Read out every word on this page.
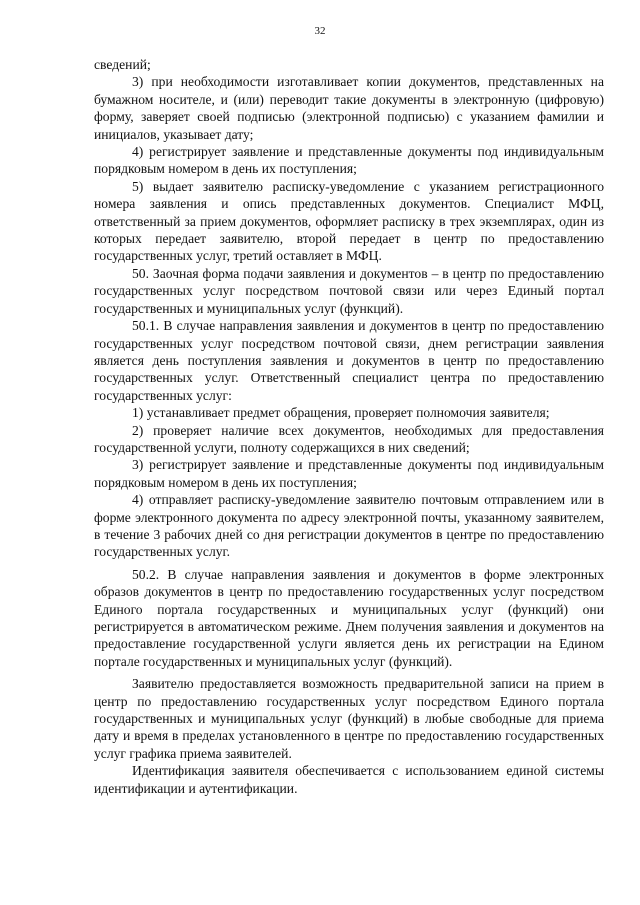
32

сведений;

3) при необходимости изготавливает копии документов, представленных на бумажном носителе, и (или) переводит такие документы в электронную (цифровую) форму, заверяет своей подписью (электронной подписью) с указанием фамилии и инициалов, указывает дату;

4) регистрирует заявление и представленные документы под индивидуальным порядковым номером в день их поступления;

5) выдает заявителю расписку-уведомление с указанием регистрационного номера заявления и опись представленных документов. Специалист МФЦ, ответственный за прием документов, оформляет расписку в трех экземплярах, один из которых передает заявителю, второй передает в центр по предоставлению государственных услуг, третий оставляет в МФЦ.

50. Заочная форма подачи заявления и документов – в центр по предоставлению государственных услуг посредством почтовой связи или через Единый портал государственных и муниципальных услуг (функций).

50.1. В случае направления заявления и документов в центр по предоставлению государственных услуг посредством почтовой связи, днем регистрации заявления является день поступления заявления и документов в центр по предоставлению государственных услуг. Ответственный специалист центра по предоставлению государственных услуг:

1) устанавливает предмет обращения, проверяет полномочия заявителя;

2) проверяет наличие всех документов, необходимых для предоставления государственной услуги, полноту содержащихся в них сведений;

3) регистрирует заявление и представленные документы под индивидуальным порядковым номером в день их поступления;

4) отправляет расписку-уведомление заявителю почтовым отправлением или в форме электронного документа по адресу электронной почты, указанному заявителем, в течение 3 рабочих дней со дня регистрации документов в центре по предоставлению государственных услуг.

50.2. В случае направления заявления и документов в форме электронных образов документов в центр по предоставлению государственных услуг посредством Единого портала государственных и муниципальных услуг (функций) они регистрируется в автоматическом режиме. Днем получения заявления и документов на предоставление государственной услуги является день их регистрации на Едином портале государственных и муниципальных услуг (функций).

Заявителю предоставляется возможность предварительной записи на прием в центр по предоставлению государственных услуг посредством Единого портала государственных и муниципальных услуг (функций) в любые свободные для приема дату и время в пределах установленного в центре по предоставлению государственных услуг графика приема заявителей.

Идентификация заявителя обеспечивается с использованием единой системы идентификации и аутентификации.
